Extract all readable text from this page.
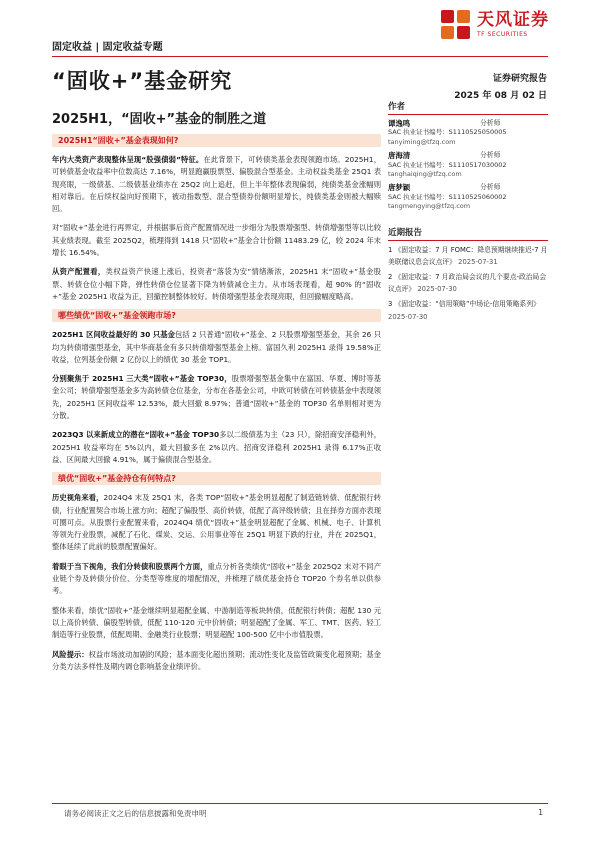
天风证券
TF SECURITIES
固定收益 | 固定收益专题
“固收+”基金研究	证券研究报告
2025 年 08 月 02 日
2025H1，“固收+”基金的制胜之道
2025H1“固收+”基金表现如何?

年内大类资产表现整体呈现“股强债弱”特征。在此背景下，可转债类基金表现领跑市场。2025H1，可转债基金收益率中位数高达 7.16%，明显跑赢股票型、偏股混合型基金。主动权益类基金 25Q1 表现亮眼，一级债基、二级债基业绩亦在 25Q2 向上追赶，但上半年整体表现偏弱，纯债类基金涨幅则相对靠后。在后续权益向好预期下，被动指数型、混合型债券份额明显增长，纯债类基金则被大幅赎回。

对“固收+”基金进行再界定，并根据事后资产配置情况进一步细分为股票增强型、转债增强型等以比较其业绩表现。截至 2025Q2，梳理得到 1418 只“固收+”基金合计份额 11483.29 亿，较 2024 年末增长 16.54%。

从资产配置看，类权益资产快速上涨后，投资者“落袋为安”情绪渐浓，2025H1 末“固收+”基金股票、转债仓位小幅下降，弹性转债仓位显著下降为转债减仓主力。从市场表现看，超 90% 的“固收+”基金 2025H1 收益为正，回撤控制整体较好。转债增强型基金表现亮眼，但回撤幅度略高。

哪些绩优“固收+”基金领跑市场?

2025H1 区间收益最好的 30 只基金包括 2 只普通“固收+”基金、2 只股票增强型基金，其余 26 只均为转债增强型基金，其中华商基金有多只转债增强型基金上榜。富国久利 2025H1 录得 19.58%正收益，位列基金份额 2 亿份以上的绩优 30 基金 TOP1。

分别聚焦于 2025H1 三大类“固收+”基金 TOP30，股票增强型基金集中在富国、华夏、博时等基金公司；转债增强型基金多为高转债仓位基金，分布在各基金公司，中欧可转债在可转债基金中表现领先，2025H1 区间收益率 12.53%，最大回撤 8.97%；普通“固收+”基金的 TOP30 名单则相对更为分散。

2023Q3 以来新成立的潜在“固收+”基金 TOP30多以二级债基为主（23 只），除招商安泽稳利外，2025H1 收益率均在 5%以内，最大回撤多在 2%以内。招商安泽稳利 2025H1 录得 6.17%正收益、区间最大回撤 4.91%，属于偏债混合型基金。

绩优“固收+”基金持仓有何特点?

历史视角来看，2024Q4 末及 25Q1 末，各类 TOP“固收+”基金明显超配了制造链转债、低配银行转债，行业配置契合市场上涨方向；超配了偏股型、高价转债，低配了高评级转债；且在择券方面亦表现可圈可点。从股票行业配置来看，2024Q4 绩优“固收+”基金明显超配了金属、机械、电子、计算机等领先行业股票，减配了石化、煤炭、交运、公用事业等在 25Q1 明显下跌的行业，并在 2025Q1，整体延续了此前的股票配置偏好。

着眼于当下视角，我们分转债和股票两个方面，重点分析各类绩优“固收+”基金 2025Q2 末对不同产业链个券及转债分价位、分类型等维度的增配情况，并梳理了绩优基金持仓 TOP20 个券名单以供参考。

整体来看，绩优“固收+”基金继续明显超配金属、中游制造等板块转债，低配银行转债；超配 130 元以上高价转债、偏股型转债，低配 110-120 元中价转债；明显超配了金属、军工、TMT、医药、轻工制造等行业股票，低配周期、金融类行业股票；明显超配 100-500 亿中小市值股票。

风险提示：权益市场波动加剧的风险；基本面变化超出预期；流动性变化及监管政策变化超预期；基金分类方法多样性及期内调仓影响基金业绩评价。

作者
谭逸鸣	分析师
SAC 执业证书编号：S1110525050005
tanyiming@tfzq.com
唐海清	分析师
SAC 执业证书编号：S1110517030002
tanghaiqing@tfzq.com
唐梦颖	分析师
SAC 执业证书编号：S1110525060002
tangmengying@tfzq.com
近期报告
1 《固定收益：7 月 FOMC：降息预期继续推迟-7 月美联储议息会议点评》 2025-07-31
2 《固定收益：7 月政治局会议的几个要点-政治局会议点评》 2025-07-30
3 《固定收益：“信用策略”中场论-信用策略系列》 2025-07-30
请务必阅读正文之后的信息披露和免责申明	1
